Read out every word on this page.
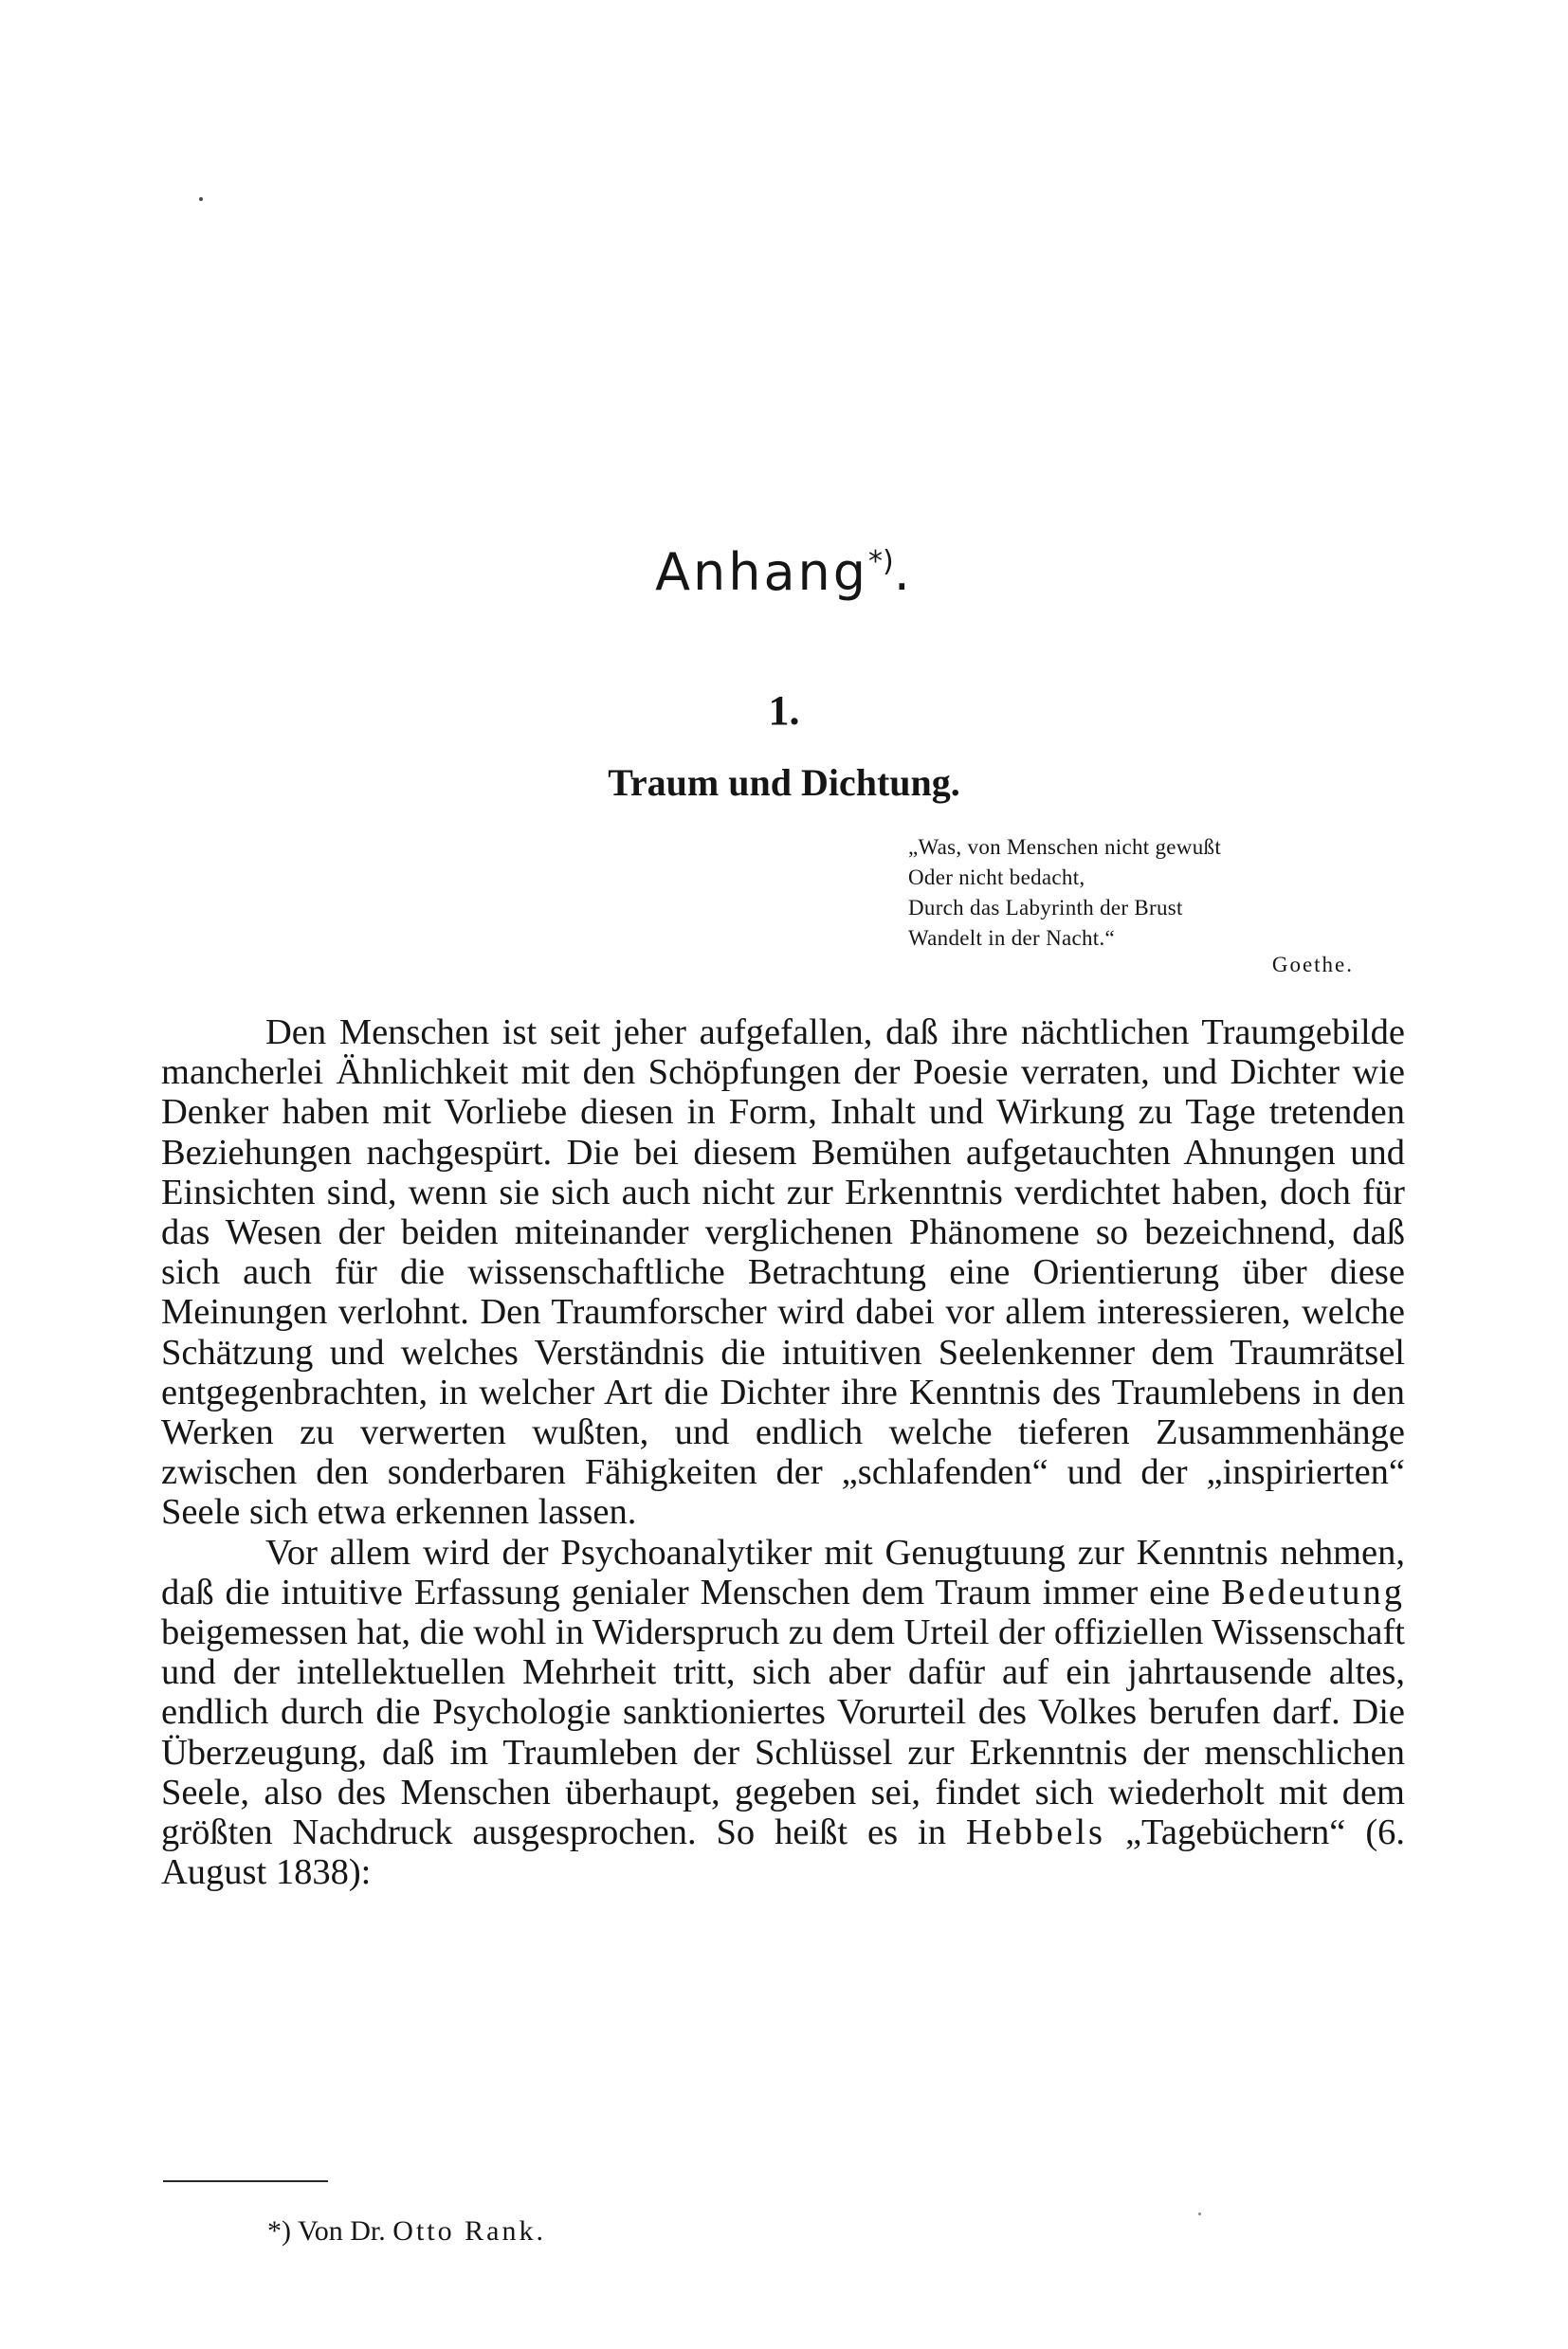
Anhang*).
1.
Traum und Dichtung.
„Was, von Menschen nicht gewußt
Oder nicht bedacht,
Durch das Labyrinth der Brust
Wandelt in der Nacht.“
Goethe.

Den Menschen ist seit jeher aufgefallen, daß ihre nächtlichen Traumgebilde mancherlei Ähnlichkeit mit den Schöpfungen der Poesie verraten, und Dichter wie Denker haben mit Vorliebe diesen in Form, Inhalt und Wirkung zu Tage tretenden Beziehungen nachgespürt. Die bei diesem Bemühen aufgetauchten Ahnungen und Einsichten sind, wenn sie sich auch nicht zur Erkenntnis verdichtet haben, doch für das Wesen der beiden miteinander verglichenen Phänomene so bezeichnend, daß sich auch für die wissenschaftliche Betrachtung eine Orientierung über diese Meinungen verlohnt. Den Traumforscher wird dabei vor allem interessieren, welche Schätzung und welches Verständnis die intuitiven Seelenkenner dem Traumrätsel entgegenbrachten, in welcher Art die Dichter ihre Kenntnis des Traumlebens in den Werken zu verwerten wußten, und endlich welche tieferen Zusammenhänge zwischen den sonderbaren Fähigkeiten der „schlafenden“ und der „inspirierten“ Seele sich etwa erkennen lassen.

Vor allem wird der Psychoanalytiker mit Genugtuung zur Kenntnis nehmen, daß die intuitive Erfassung genialer Menschen dem Traum immer eine Bedeutung beigemessen hat, die wohl in Widerspruch zu dem Urteil der offiziellen Wissenschaft und der intellektuellen Mehrheit tritt, sich aber dafür auf ein jahrtausende altes, endlich durch die Psychologie sanktioniertes Vorurteil des Volkes berufen darf. Die Überzeugung, daß im Traumleben der Schlüssel zur Erkenntnis der menschlichen Seele, also des Menschen überhaupt, gegeben sei, findet sich wiederholt mit dem größten Nachdruck ausgesprochen. So heißt es in Hebbels „Tagebüchern“ (6. August 1838):

*) Von Dr. Otto Rank.
